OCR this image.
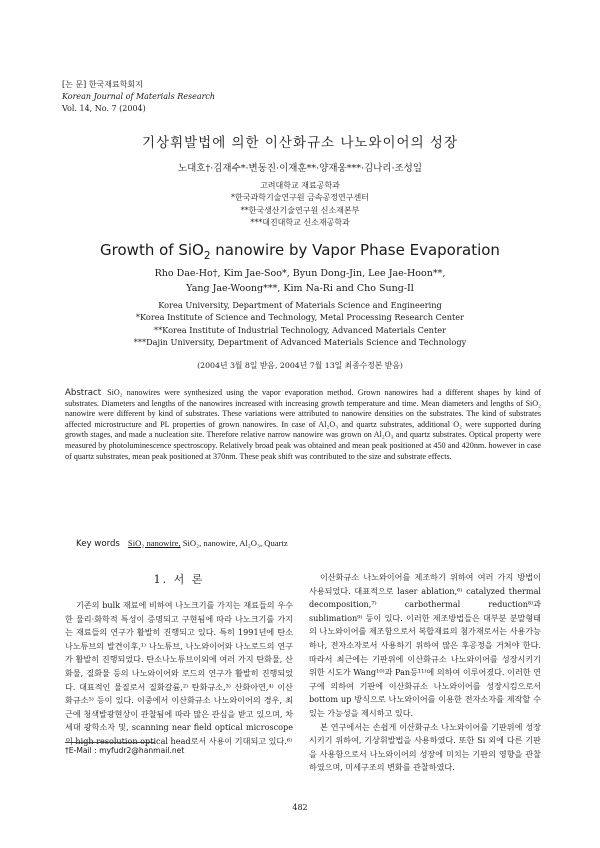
[논 문] 한국재료학회지
Korean Journal of Materials Research
Vol. 14, No. 7 (2004)
기상휘발법에 의한 이산화규소 나노와이어의 성장
노대호†·김재수*·변동진·이재훈**·양재웅***·김나리·조성일
고려대학교 재료공학과
*한국과학기술연구원 금속공정연구센터
**한국생산기술연구원 신소재본부
***대진대학교 신소재공학과
Growth of SiO$_2$ nanowire by Vapor Phase Evaporation
Rho Dae-Ho†, Kim Jae-Soo*, Byun Dong-Jin, Lee Jae-Hoon**,
Yang Jae-Woong***, Kim Na-Ri and Cho Sung-Il
Korea University, Department of Materials Science and Engineering
*Korea Institute of Science and Technology, Metal Processing Research Center
**Korea Institute of Industrial Technology, Advanced Materials Center
***Dajin University, Department of Advanced Materials Science and Technology
(2004년 3월 8일 받음, 2004년 7월 13일 최종수정본 받음)
Abstract SiO₂ nanowires were synthesized using the vapor evaporation method. Grown nanowires had a different shapes by kind of substrates. Diameters and lengths of the nanowires increased with increasing growth temperature and time. Mean diameters and lengths of SiO₂ nanowire were different by kind of substrates. These variations were attributed to nanowire densities on the substrates. The kind of substrates affected microstructure and PL properties of grown nanowires. In case of Al₂O₃ and quartz substrates, additional O₂ were supported during growth stages, and made a nucleation site. Therefore relative narrow nanowire was grown on Al₂O₃ and quartz substrates. Optical property were measured by photoluminescence spectroscopy. Relatively broad peak was obtained and mean peak positioned at 450 and 420nm. however in case of quartz substrates, mean peak positioned at 370nm. These peak shift was contributed to the size and substrate effects.
Key words SiO₂ nanowire, SiO₂, nanowire, Al₂O₃, Quartz
1. 서 론

기존의 bulk 재료에 비하여 나노크기를 가지는 재료들의 우수한 물리·화학적 특성이 증명되고 구현됨에 따라 나노크기를 가지는 재료들의 연구가 활발히 진행되고 있다. 특히 1991년에 탄소 나노튜브의 발견이후,¹⁾ 나노튜브, 나노와이어와 나노로드의 연구가 활발히 진행되었다. 탄소나노튜브이외에 여러 가지 탄화물, 산화물, 질화물 등의 나노와이어와 로드의 연구가 활발히 진행되었다. 대표적인 물질로서 질화갈륨,²⁾ 탄화규소,³⁾ 산화아연,⁴⁾ 이산화규소⁵⁾ 등이 있다. 이중에서 이산화규소 나노와이어의 경우, 최근에 청색발광현상이 관찰됨에 따라 많은 관심을 받고 있으며, 차세대 광학소자 및, scanning near field optical microscope의 high resolution optical head로서 사용이 기대되고 있다.⁶⁾

이산화규소 나노와이어를 제조하기 위하여 여러 가지 방법이 사용되었다. 대표적으로 laser ablation,⁶⁾ catalyzed thermal decomposition,⁷⁾ carbothermal reduction⁸⁾과 sublimation⁹⁾ 등이 있다. 이러한 제조방법들은 대부분 분말형태의 나노와이어를 제조함으로서 복합재료의 첨가재로서는 사용가능하나, 전자소자로서 사용하기 위하여 많은 후공정을 거쳐야 한다. 따라서 최근에는 기판위에 이산화규소 나노와이어를 성장시키기 위한 시도가 Wang¹⁰⁾과 Pan등¹¹⁾에 의하여 이루어졌다. 이러한 연구에 의하여 기판에 이산화규소 나노와이어를 성장시킴으로서 bottom up 방식으로 나노와이어를 이용한 전자소자를 제작할 수 있는 가능성을 제시하고 있다.

본 연구에서는 손쉽게 이산화규소 나노와이어를 기판위에 성장시키기 위하여, 기상휘발법을 사용하였다. 또한 Si 외에 다른 기판을 사용함으로서 나노와이어의 성장에 미치는 기판의 영향을 관찰하였으며, 미세구조의 변화를 관찰하였다.

†E-Mail : myfudr2@hanmail.net
482
